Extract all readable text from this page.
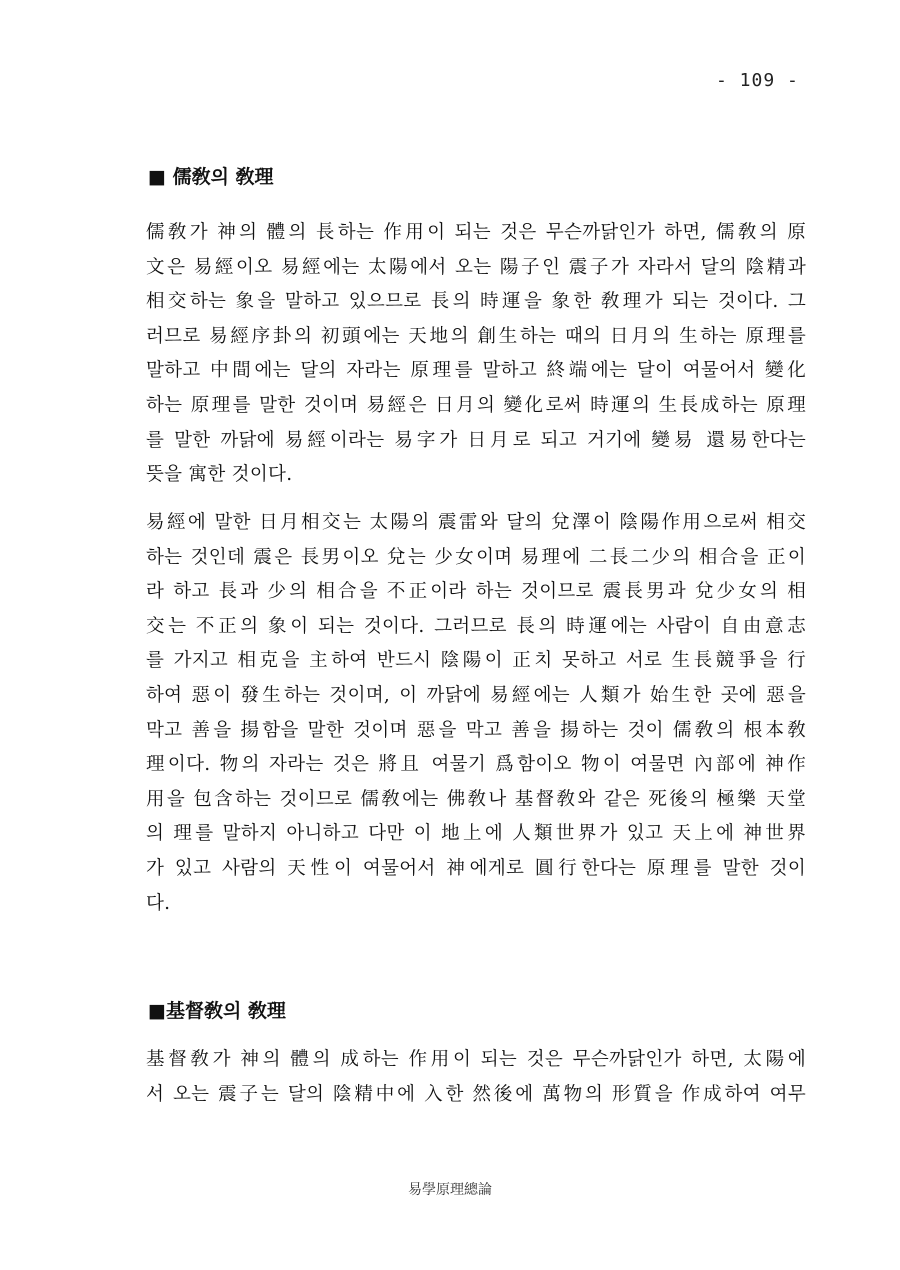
- 109 -
■ 儒敎의 敎理
儒敎가 神의 體의 長하는 作用이 되는 것은 무슨까닭인가 하면, 儒敎의 原
文은 易經이오 易經에는 太陽에서 오는 陽子인 震子가 자라서 달의 陰精과
相交하는 象을 말하고 있으므로 長의 時運을 象한 敎理가 되는 것이다. 그
러므로 易經序卦의 初頭에는 天地의 創生하는 때의 日月의 生하는 原理를
말하고 中間에는 달의 자라는 原理를 말하고 終端에는 달이 여물어서 變化
하는 原理를 말한 것이며 易經은 日月의 變化로써 時運의 生長成하는 原理
를 말한 까닭에 易經이라는 易字가 日月로 되고 거기에 變易 還易한다는
뜻을 寓한 것이다.
易經에 말한 日月相交는 太陽의 震雷와 달의 兌澤이 陰陽作用으로써 相交
하는 것인데 震은 長男이오 兌는 少女이며 易理에 二長二少의 相合을 正이
라 하고 長과 少의 相合을 不正이라 하는 것이므로 震長男과 兌少女의 相
交는 不正의 象이 되는 것이다. 그러므로 長의 時運에는 사람이 自由意志
를 가지고 相克을 主하여 반드시 陰陽이 正치 못하고 서로 生長競爭을 行
하여 惡이 發生하는 것이며, 이 까닭에 易經에는 人類가 始生한 곳에 惡을
막고 善을 揚함을 말한 것이며 惡을 막고 善을 揚하는 것이 儒敎의 根本敎
理이다. 物의 자라는 것은 將且 여물기 爲함이오 物이 여물면 內部에 神作
用을 包含하는 것이므로 儒敎에는 佛敎나 基督敎와 같은 死後의 極樂 天堂
의 理를 말하지 아니하고 다만 이 地上에 人類世界가 있고 天上에 神世界
가 있고 사람의 天性이 여물어서 神에게로 圓行한다는 原理를 말한 것이
다.
■基督敎의 敎理
基督敎가 神의 體의 成하는 作用이 되는 것은 무슨까닭인가 하면, 太陽에
서 오는 震子는 달의 陰精中에 入한 然後에 萬物의 形質을 作成하여 여무
易學原理總論
